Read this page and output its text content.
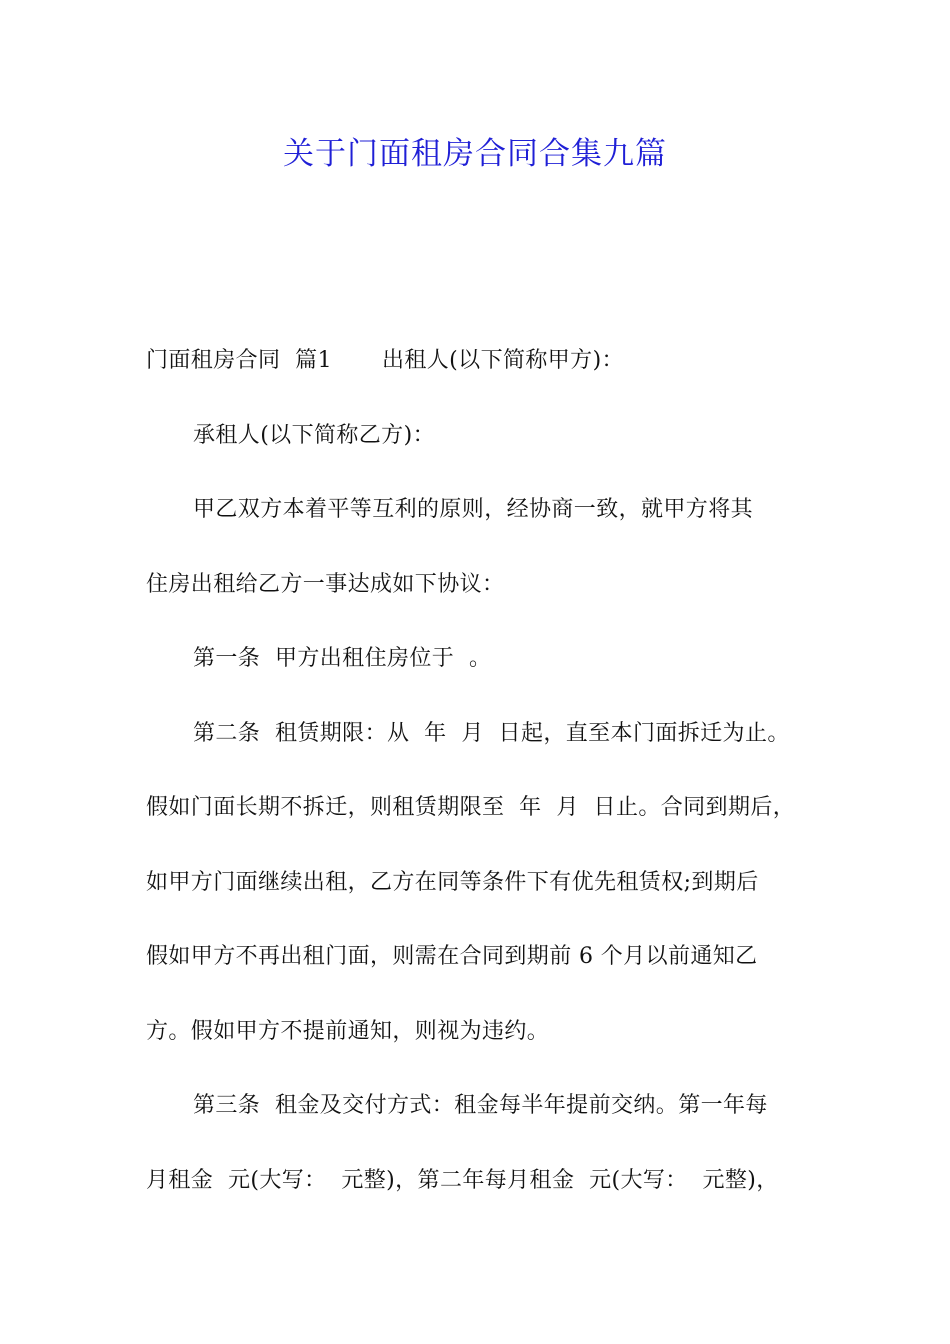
关于门面租房合同合集九篇
门面租房合同  篇1 出租人(以下简称甲方)：
承租人(以下简称乙方)：
甲乙双方本着平等互利的原则，经协商一致，就甲方将其
住房出租给乙方一事达成如下协议：
第一条  甲方出租住房位于  。
第二条  租赁期限：从  年  月  日起，直至本门面拆迁为止。
假如门面长期不拆迁，则租赁期限至  年  月  日止。合同到期后，
如甲方门面继续出租，乙方在同等条件下有优先租赁权;到期后
假如甲方不再出租门面，则需在合同到期前 6 个月以前通知乙
方。假如甲方不提前通知，则视为违约。
第三条  租金及交付方式：租金每半年提前交纳。第一年每
月租金  元(大写：  元整)，第二年每月租金  元(大写：  元整)，
